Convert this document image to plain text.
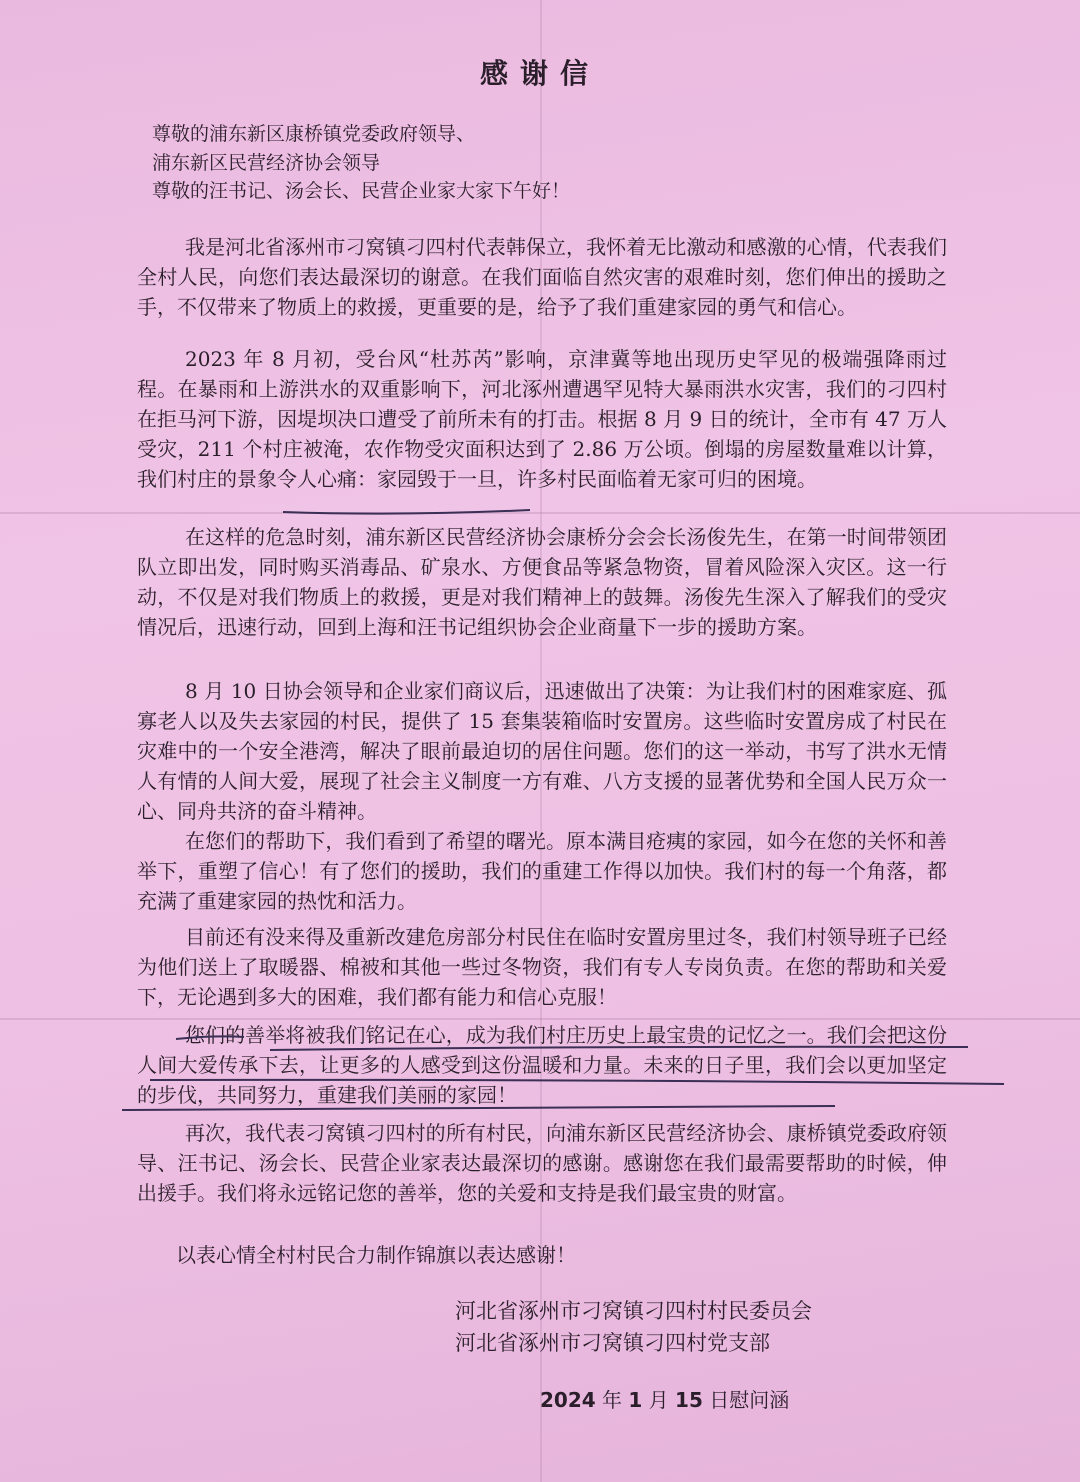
感谢信
尊敬的浦东新区康桥镇党委政府领导、
浦东新区民营经济协会领导
尊敬的汪书记、汤会长、民营企业家大家下午好！
我是河北省涿州市刁窝镇刁四村代表韩保立，我怀着无比激动和感激的心情，代表我们全村人民，向您们表达最深切的谢意。在我们面临自然灾害的艰难时刻，您们伸出的援助之手，不仅带来了物质上的救援，更重要的是，给予了我们重建家园的勇气和信心。
2023 年 8 月初，受台风“杜苏芮”影响，京津冀等地出现历史罕见的极端强降雨过程。在暴雨和上游洪水的双重影响下，河北涿州遭遇罕见特大暴雨洪水灾害，我们的刁四村在拒马河下游，因堤坝决口遭受了前所未有的打击。根据 8 月 9 日的统计，全市有 47 万人受灾，211 个村庄被淹，农作物受灾面积达到了 2.86 万公顷。倒塌的房屋数量难以计算，我们村庄的景象令人心痛：家园毁于一旦，许多村民面临着无家可归的困境。
在这样的危急时刻，浦东新区民营经济协会康桥分会会长汤俊先生，在第一时间带领团队立即出发，同时购买消毒品、矿泉水、方便食品等紧急物资，冒着风险深入灾区。这一行动，不仅是对我们物质上的救援，更是对我们精神上的鼓舞。汤俊先生深入了解我们的受灾情况后，迅速行动，回到上海和汪书记组织协会企业商量下一步的援助方案。
8 月 10 日协会领导和企业家们商议后，迅速做出了决策：为让我们村的困难家庭、孤寡老人以及失去家园的村民，提供了 15 套集装箱临时安置房。这些临时安置房成了村民在灾难中的一个安全港湾，解决了眼前最迫切的居住问题。您们的这一举动，书写了洪水无情人有情的人间大爱，展现了社会主义制度一方有难、八方支援的显著优势和全国人民万众一心、同舟共济的奋斗精神。
在您们的帮助下，我们看到了希望的曙光。原本满目疮痍的家园，如今在您的关怀和善举下，重塑了信心！有了您们的援助，我们的重建工作得以加快。我们村的每一个角落，都充满了重建家园的热忱和活力。
目前还有没来得及重新改建危房部分村民住在临时安置房里过冬，我们村领导班子已经为他们送上了取暖器、棉被和其他一些过冬物资，我们有专人专岗负责。在您的帮助和关爱下，无论遇到多大的困难，我们都有能力和信心克服！
您们的善举将被我们铭记在心，成为我们村庄历史上最宝贵的记忆之一。我们会把这份人间大爱传承下去，让更多的人感受到这份温暖和力量。未来的日子里，我们会以更加坚定的步伐，共同努力，重建我们美丽的家园！
再次，我代表刁窝镇刁四村的所有村民，向浦东新区民营经济协会、康桥镇党委政府领导、汪书记、汤会长、民营企业家表达最深切的感谢。感谢您在我们最需要帮助的时候，伸出援手。我们将永远铭记您的善举，您的关爱和支持是我们最宝贵的财富。
以表心情全村村民合力制作锦旗以表达感谢！
河北省涿州市刁窝镇刁四村村民委员会
河北省涿州市刁窝镇刁四村党支部
2024 年 1 月 15 日慰问涵
